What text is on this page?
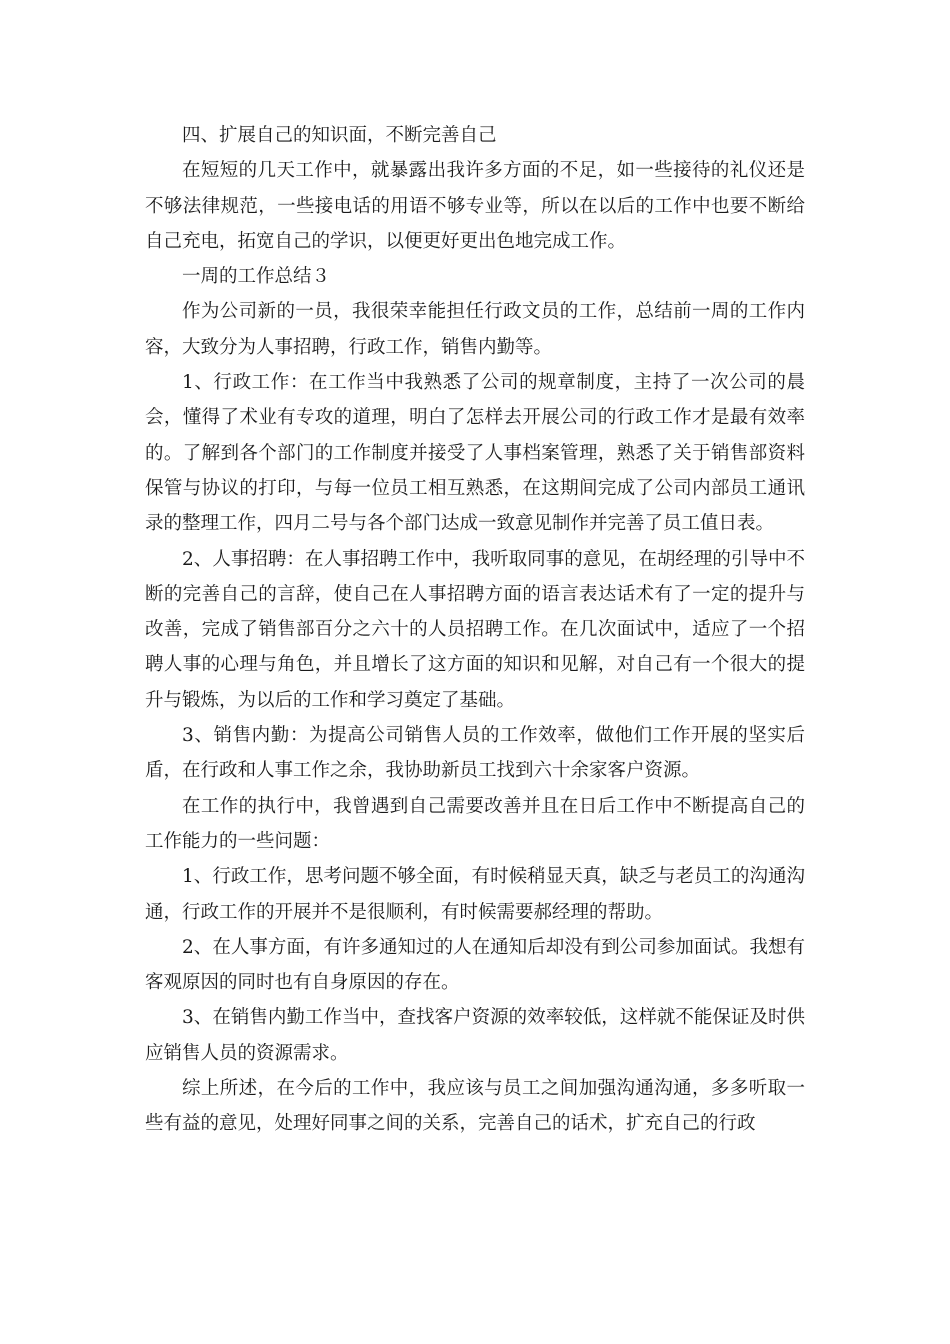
四、扩展自己的知识面，不断完善自己

在短短的几天工作中，就暴露出我许多方面的不足，如一些接待的礼仪还是不够法律规范，一些接电话的用语不够专业等，所以在以后的工作中也要不断给自己充电，拓宽自己的学识，以便更好更出色地完成工作。

一周的工作总结３

作为公司新的一员，我很荣幸能担任行政文员的工作，总结前一周的工作内容，大致分为人事招聘，行政工作，销售内勤等。

1、行政工作：在工作当中我熟悉了公司的规章制度，主持了一次公司的晨会，懂得了术业有专攻的道理，明白了怎样去开展公司的行政工作才是最有效率的。了解到各个部门的工作制度并接受了人事档案管理，熟悉了关于销售部资料保管与协议的打印，与每一位员工相互熟悉，在这期间完成了公司内部员工通讯录的整理工作，四月二号与各个部门达成一致意见制作并完善了员工值日表。

2、人事招聘：在人事招聘工作中，我听取同事的意见，在胡经理的引导中不断的完善自己的言辞，使自己在人事招聘方面的语言表达话术有了一定的提升与改善，完成了销售部百分之六十的人员招聘工作。在几次面试中，适应了一个招聘人事的心理与角色，并且增长了这方面的知识和见解，对自己有一个很大的提升与锻炼，为以后的工作和学习奠定了基础。

3、销售内勤：为提高公司销售人员的工作效率，做他们工作开展的坚实后盾，在行政和人事工作之余，我协助新员工找到六十余家客户资源。

在工作的执行中，我曾遇到自己需要改善并且在日后工作中不断提高自己的工作能力的一些问题：

1、行政工作，思考问题不够全面，有时候稍显天真，缺乏与老员工的沟通沟通，行政工作的开展并不是很顺利，有时候需要郝经理的帮助。

2、在人事方面，有许多通知过的人在通知后却没有到公司参加面试。我想有客观原因的同时也有自身原因的存在。

3、在销售内勤工作当中，查找客户资源的效率较低，这样就不能保证及时供应销售人员的资源需求。

综上所述，在今后的工作中，我应该与员工之间加强沟通沟通，多多听取一些有益的意见，处理好同事之间的关系，完善自己的话术，扩充自己的行政
